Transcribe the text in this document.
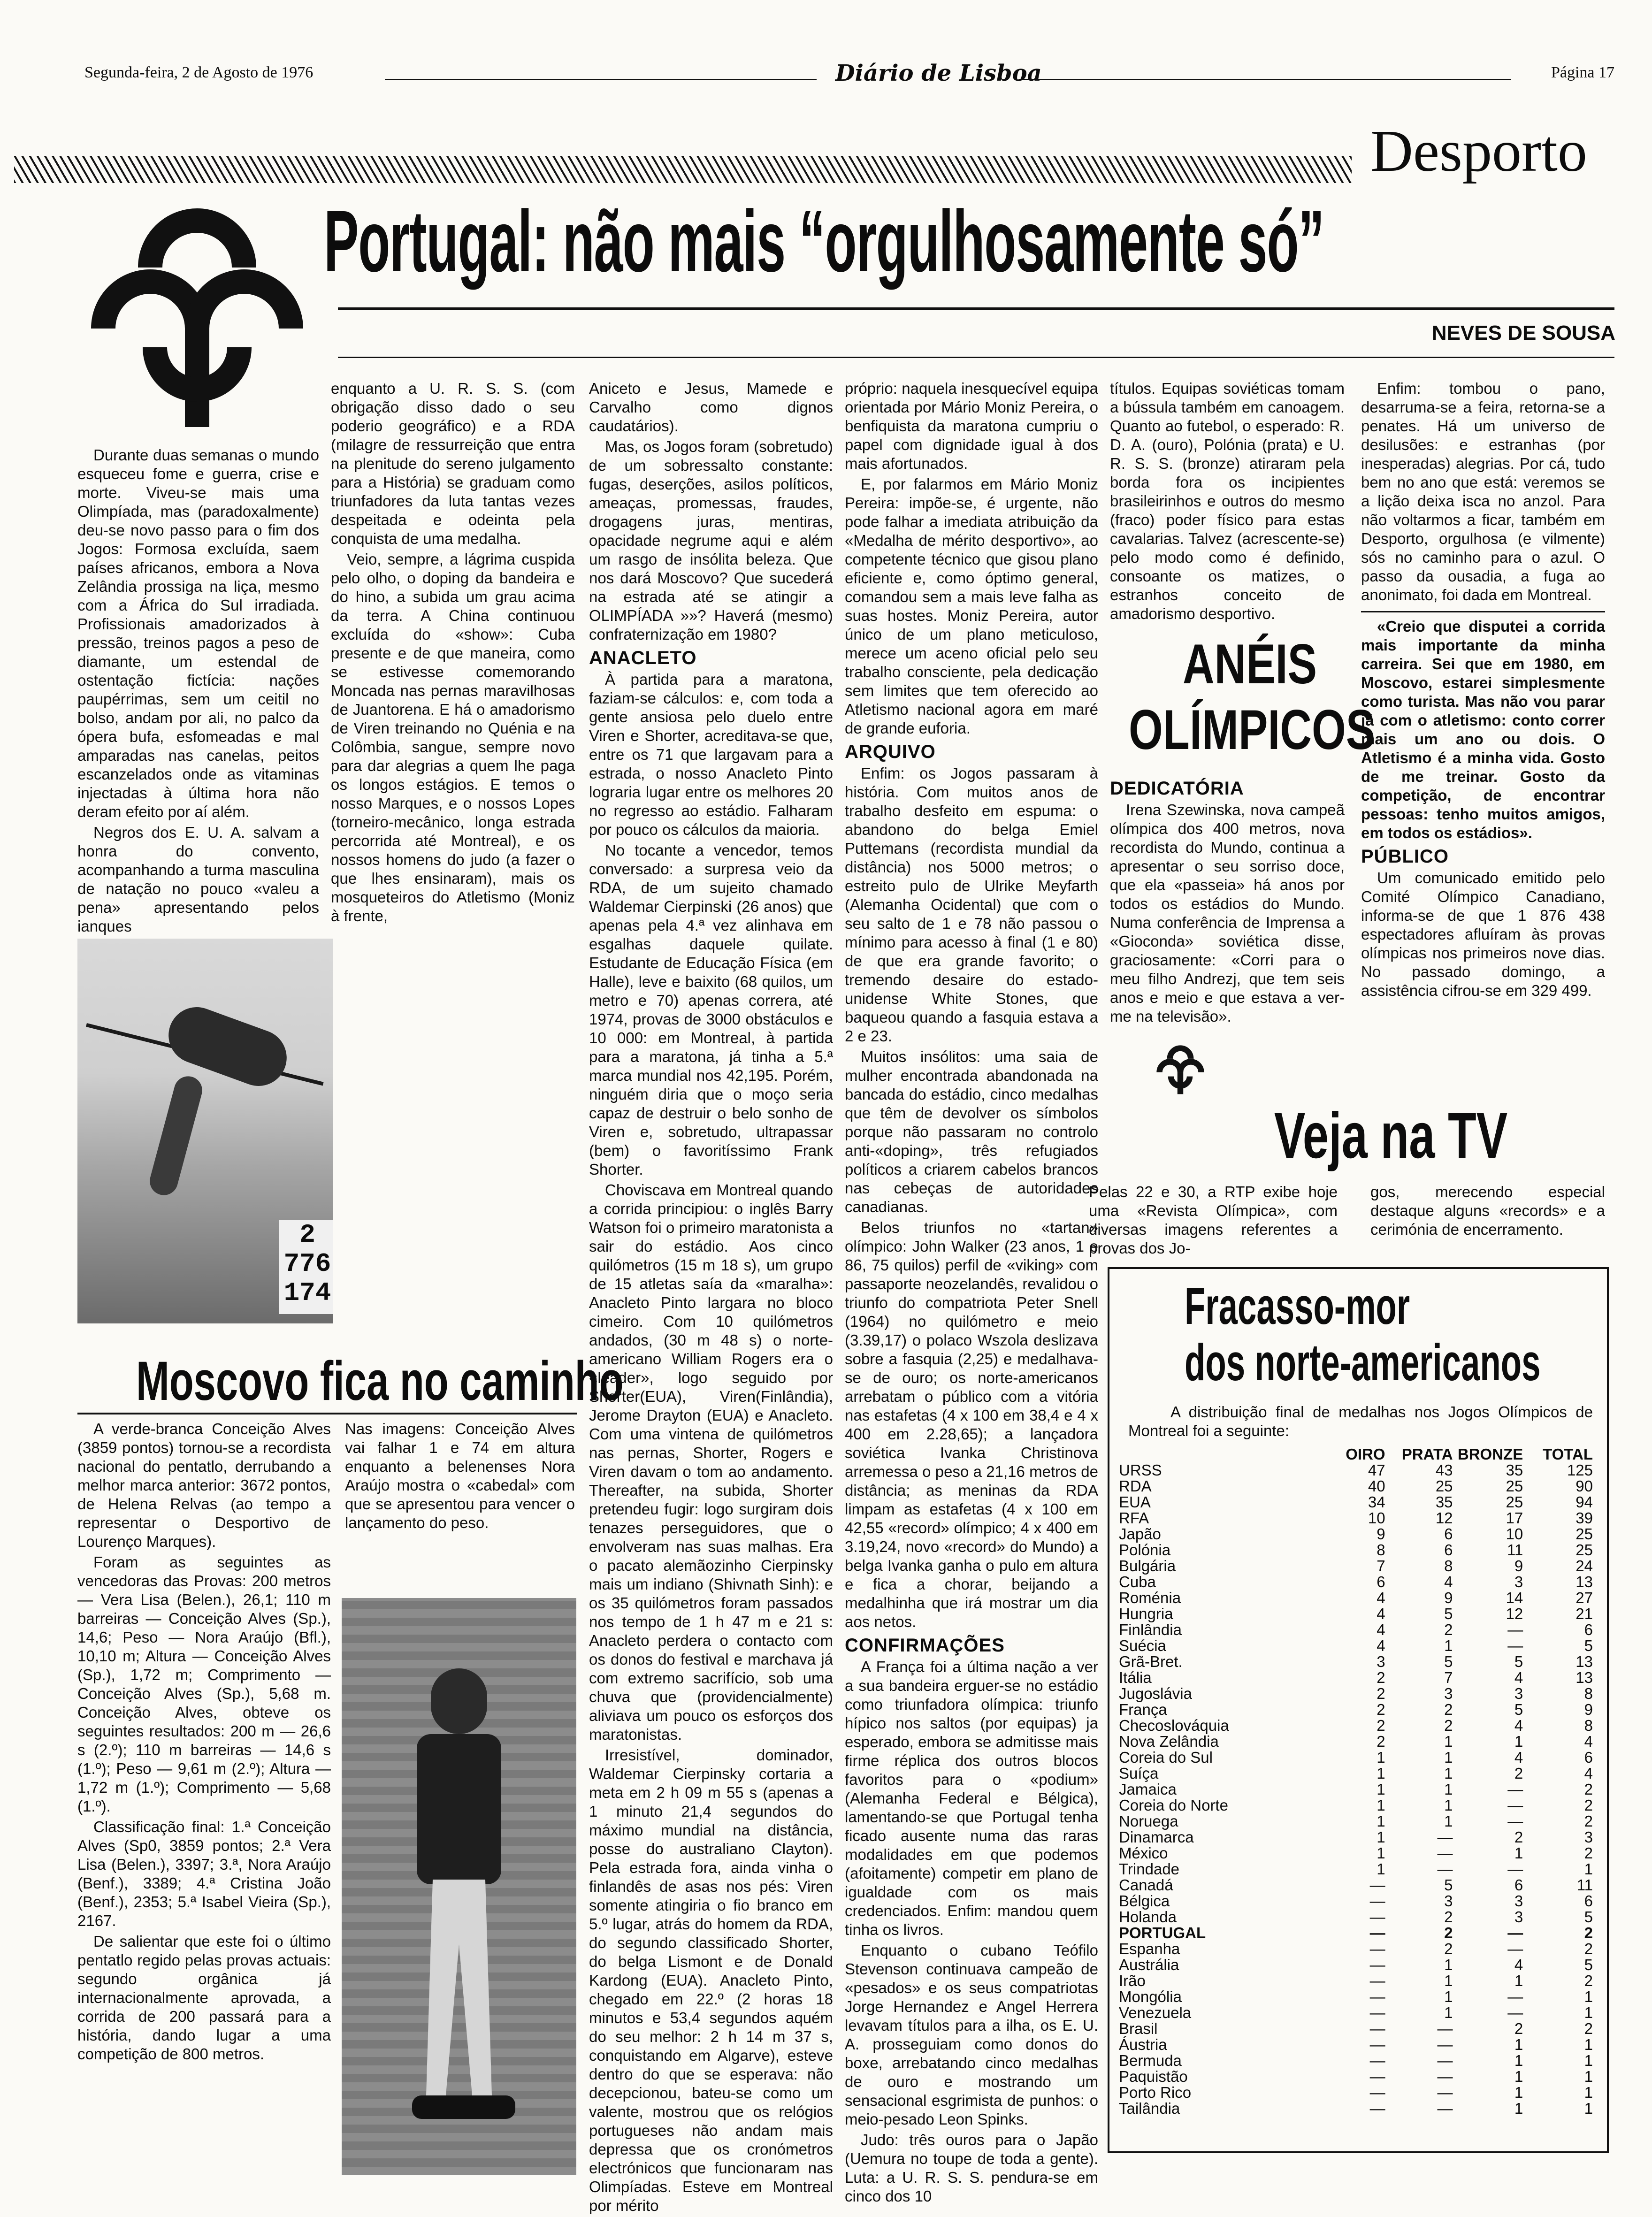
Segunda-feira, 2 de Agosto de 1976	Diário de Lisboa	Página 17
Desporto
Portugal: não mais “orgulhosamente só”
NEVES DE SOUSA

Durante duas semanas o mundo esqueceu fome e guerra, crise e morte. Viveu-se mais uma Olimpíada, mas (paradoxalmente) deu-se novo passo para o fim dos Jogos: Formosa excluída, saem países africanos, embora a Nova Zelândia prossiga na liça, mesmo com a África do Sul irradiada. Profissionais amadorizados à pressão, treinos pagos a peso de diamante, um estendal de ostentação fictícia: nações paupérrimas, sem um ceitil no bolso, andam por ali, no palco da ópera bufa, esfomeadas e mal amparadas nas canelas, peitos escanzelados onde as vitaminas injectadas à última hora não deram efeito por aí além.

Negros dos E. U. A. salvam a honra do convento, acompanhando a turma masculina de natação no pouco «valeu a pena» apresentando pelos ianques

enquanto a U. R. S. S. (com obrigação disso dado o seu poderio geográfico) e a RDA (milagre de ressurreição que entra na plenitude do sereno julgamento para a História) se graduam como triunfadores da luta tantas vezes despeitada e odeinta pela conquista de uma medalha.

Veio, sempre, a lágrima cuspida pelo olho, o doping da bandeira e do hino, a subida um grau acima da terra. A China continuou excluída do «show»: Cuba presente e de que maneira, como se estivesse comemorando Moncada nas pernas maravilhosas de Juantorena. E há o amadorismo de Viren treinando no Quénia e na Colômbia, sangue, sempre novo para dar alegrias a quem lhe paga os longos estágios. E temos o nosso Marques, e o nossos Lopes (torneiro-mecânico, longa estrada percorrida até Montreal), e os nossos homens do judo (a fazer o que lhes ensinaram), mais os mosqueteiros do Atletismo (Moniz à frente,

Aniceto e Jesus, Mamede e Carvalho como dignos caudatários).

Mas, os Jogos foram (sobretudo) de um sobressalto constante: fugas, deserções, asilos políticos, ameaças, promessas, fraudes, drogagens juras, mentiras, opacidade negrume aqui e além um rasgo de insólita beleza. Que nos dará Moscovo? Que sucederá na estrada até se atingir a OLIMPÍADA »»? Haverá (mesmo) confraternização em 1980?

ANACLETO

À partida para a maratona, faziam-se cálculos: e, com toda a gente ansiosa pelo duelo entre Viren e Shorter, acreditava-se que, entre os 71 que largavam para a estrada, o nosso Anacleto Pinto lograria lugar entre os melhores 20 no regresso ao estádio. Falharam por pouco os cálculos da maioria.

No tocante a vencedor, temos conversado: a surpresa veio da RDA, de um sujeito chamado Waldemar Cierpinski (26 anos) que apenas pela 4.ª vez alinhava em esgalhas daquele quilate. Estudante de Educação Física (em Halle), leve e baixito (68 quilos, um metro e 70) apenas correra, até 1974, provas de 3000 obstáculos e 10 000: em Montreal, à partida para a maratona, já tinha a 5.ª marca mundial nos 42,195. Porém, ninguém diria que o moço seria capaz de destruir o belo sonho de Viren e, sobretudo, ultrapassar (bem) o favoritíssimo Frank Shorter.

Choviscava em Montreal quando a corrida principiou: o inglês Barry Watson foi o primeiro maratonista a sair do estádio. Aos cinco quilómetros (15 m 18 s), um grupo de 15 atletas saía da «maralha»: Anacleto Pinto largara no bloco cimeiro. Com 10 quilómetros andados, (30 m 48 s) o norte-americano William Rogers era o «leader», logo seguido por Shorter(EUA), Viren(Finlândia), Jerome Drayton (EUA) e Anacleto. Com uma vintena de quilómetros nas pernas, Shorter, Rogers e Viren davam o tom ao andamento. Thereafter, na subida, Shorter pretendeu fugir: logo surgiram dois tenazes perseguidores, que o envolveram nas suas malhas. Era o pacato alemãozinho Cierpinsky mais um indiano (Shivnath Sinh): e os 35 quilómetros foram passados nos tempo de 1 h 47 m e 21 s: Anacleto perdera o contacto com os donos do festival e marchava já com extremo sacrifício, sob uma chuva que (providencialmente) aliviava um pouco os esforços dos maratonistas.

Irresistível, dominador, Waldemar Cierpinsky cortaria a meta em 2 h 09 m 55 s (apenas a 1 minuto 21,4 segundos do máximo mundial na distância, posse do australiano Clayton). Pela estrada fora, ainda vinha o finlandês de asas nos pés: Viren somente atingiria o fio branco em 5.º lugar, atrás do homem da RDA, do segundo classificado Shorter, do belga Lismont e de Donald Kardong (EUA). Anacleto Pinto, chegado em 22.º (2 horas 18 minutos e 53,4 segundos aquém do seu melhor: 2 h 14 m 37 s, conquistando em Algarve), esteve dentro do que se esperava: não decepcionou, bateu-se como um valente, mostrou que os relógios portugueses não andam mais depressa que os cronómetros electrónicos que funcionaram nas Olimpíadas. Esteve em Montreal por mérito

próprio: naquela inesquecível equipa orientada por Mário Moniz Pereira, o benfiquista da maratona cumpriu o papel com dignidade igual à dos mais afortunados.

E, por falarmos em Mário Moniz Pereira: impõe-se, é urgente, não pode falhar a imediata atribuição da «Medalha de mérito desportivo», ao competente técnico que gisou plano eficiente e, como óptimo general, comandou sem a mais leve falha as suas hostes. Moniz Pereira, autor único de um plano meticuloso, merece um aceno oficial pelo seu trabalho consciente, pela dedicação sem limites que tem oferecido ao Atletismo nacional agora em maré de grande euforia.

ARQUIVO

Enfim: os Jogos passaram à história. Com muitos anos de trabalho desfeito em espuma: o abandono do belga Emiel Puttemans (recordista mundial da distância) nos 5000 metros; o estreito pulo de Ulrike Meyfarth (Alemanha Ocidental) que com o seu salto de 1 e 78 não passou o mínimo para acesso à final (1 e 80) de que era grande favorito; o tremendo desaire do estado-unidense White Stones, que baqueou quando a fasquia estava a 2 e 23.

Muitos insólitos: uma saia de mulher encontrada abandonada na bancada do estádio, cinco medalhas que têm de devolver os símbolos porque não passaram no controlo anti-«doping», três refugiados políticos a criarem cabelos brancos nas cebeças de autoridades canadianas.

Belos triunfos no «tartan» olímpico: John Walker (23 anos, 1 e 86, 75 quilos) perfil de «viking» com passaporte neozelandês, revalidou o triunfo do compatriota Peter Snell (1964) no quilómetro e meio (3.39,17) o polaco Wszola deslizava sobre a fasquia (2,25) e medalhava-se de ouro; os norte-americanos arrebatam o público com a vitória nas estafetas (4 x 100 em 38,4 e 4 x 400 em 2.28,65); a lançadora soviética Ivanka Christinova arremessa o peso a 21,16 metros de distância; as meninas da RDA limpam as estafetas (4 x 100 em 42,55 «record» olímpico; 4 x 400 em 3.19,24, novo «record» do Mundo) a belga Ivanka ganha o pulo em altura e fica a chorar, beijando a medalhinha que irá mostrar um dia aos netos.

CONFIRMAÇÕES

A França foi a última nação a ver a sua bandeira erguer-se no estádio como triunfadora olímpica: triunfo hípico nos saltos (por equipas) ja esperado, embora se admitisse mais firme réplica dos outros blocos favoritos para o «podium» (Alemanha Federal e Bélgica), lamentando-se que Portugal tenha ficado ausente numa das raras modalidades em que podemos (afoitamente) competir em plano de igualdade com os mais credenciados. Enfim: mandou quem tinha os livros.

Enquanto o cubano Teófilo Stevenson continuava campeão de «pesados» e os seus compatriotas Jorge Hernandez e Angel Herrera levavam títulos para a ilha, os E. U. A. prosseguiam como donos do boxe, arrebatando cinco medalhas de ouro e mostrando um sensacional esgrimista de punhos: o meio-pesado Leon Spinks.

Judo: três ouros para o Japão (Uemura no toupe de toda a gente). Luta: a U. R. S. S. pendura-se em cinco dos 10

títulos. Equipas soviéticas tomam a bússula também em canoagem. Quanto ao futebol, o esperado: R. D. A. (ouro), Polónia (prata) e U. R. S. S. (bronze) atiraram pela borda fora os incipientes brasileirinhos e outros do mesmo (fraco) poder físico para estas cavalarias. Talvez (acrescente-se) pelo modo como é definido, consoante os matizes, o estranhos conceito de amadorismo desportivo.

Enfim: tombou o pano, desarruma-se a feira, retorna-se a penates. Há um universo de desilusões: e estranhas (por inesperadas) alegrias. Por cá, tudo bem no ano que está: veremos se a lição deixa isca no anzol. Para não voltarmos a ficar, também em Desporto, orgulhosa (e vilmente) sós no caminho para o azul. O passo da ousadia, a fuga ao anonimato, foi dada em Montreal.

«Creio que disputei a corrida mais importante da minha carreira. Sei que em 1980, em Moscovo, estarei simplesmente como turista. Mas não vou parar já com o atletismo: conto correr mais um ano ou dois. O Atletismo é a minha vida. Gosto de me treinar. Gosto da competição, de encontrar pessoas: tenho muitos amigos, em todos os estádios».

PÚBLICO

Um comunicado emitido pelo Comité Olímpico Canadiano, informa-se de que 1 876 438 espectadores afluíram às provas olímpicas nos primeiros nove dias. No passado domingo, a assistência cifrou-se em 329 499.

ANÉIS
OLÍMPICOS
DEDICATÓRIA

Irena Szewinska, nova campeã olímpica dos 400 metros, nova recordista do Mundo, continua a apresentar o seu sorriso doce, que ela «passeia» há anos por todos os estádios do Mundo. Numa conferência de Imprensa a «Gioconda» soviética disse, graciosamente: «Corri para o meu filho Andrezj, que tem seis anos e meio e que estava a ver-me na televisão».

Veja na TV
Pelas 22 e 30, a RTP exibe hoje uma «Revista Olímpica», com diversas imagens referentes a provas dos Jo-
gos, merecendo especial destaque alguns «records» e a cerimónia de encerramento.
Fracasso-mor
dos norte-americanos
A distribuição final de medalhas nos Jogos Olímpicos de Montreal foi a seguinte:
	OIRO	PRATA	BRONZE	TOTAL
URSS	47	43	35	125
RDA	40	25	25	90
EUA	34	35	25	94
RFA	10	12	17	39
Japão	9	6	10	25
Polónia	8	6	11	25
Bulgária	7	8	9	24
Cuba	6	4	3	13
Roménia	4	9	14	27
Hungria	4	5	12	21
Finlândia	4	2	—	6
Suécia	4	1	—	5
Grã-Bret.	3	5	5	13
Itália	2	7	4	13
Jugoslávia	2	3	3	8
França	2	2	5	9
Checoslováquia	2	2	4	8
Nova Zelândia	2	1	1	4
Coreia do Sul	1	1	4	6
Suíça	1	1	2	4
Jamaica	1	1	—	2
Coreia do Norte	1	1	—	2
Noruega	1	1	—	2
Dinamarca	1	—	2	3
México	1	—	1	2
Trindade	1	—	—	1
Canadá	—	5	6	11
Bélgica	—	3	3	6
Holanda	—	2	3	5
PORTUGAL	—	2	—	2
Espanha	—	2	—	2
Austrália	—	1	4	5
Irão	—	1	1	2
Mongólia	—	1	—	1
Venezuela	—	1	—	1
Brasil	—	—	2	2
Áustria	—	—	1	1
Bermuda	—	—	1	1
Paquistão	—	—	1	1
Porto Rico	—	—	1	1
Tailândia	—	—	1	1
2
776
174
Moscovo fica no caminho

A verde-branca Conceição Alves (3859 pontos) tornou-se a recordista nacional do pentatlo, derrubando a melhor marca anterior: 3672 pontos, de Helena Relvas (ao tempo a representar o Desportivo de Lourenço Marques).

Foram as seguintes as vencedoras das Provas: 200 metros — Vera Lisa (Belen.), 26,1; 110 m barreiras — Conceição Alves (Sp.), 14,6; Peso — Nora Araújo (Bfl.), 10,10 m; Altura — Conceição Alves (Sp.), 1,72 m; Comprimento — Conceição Alves (Sp.), 5,68 m. Conceição Alves, obteve os seguintes resultados: 200 m — 26,6 s (2.º); 110 m barreiras — 14,6 s (1.º); Peso — 9,61 m (2.º); Altura — 1,72 m (1.º); Comprimento — 5,68 (1.º).

Classificação final: 1.ª Conceição Alves (Sp0, 3859 pontos; 2.ª Vera Lisa (Belen.), 3397; 3.ª, Nora Araújo (Benf.), 3389; 4.ª Cristina João (Benf.), 2353; 5.ª Isabel Vieira (Sp.), 2167.

De salientar que este foi o último pentatlo regido pelas provas actuais: segundo orgânica já internacionalmente aprovada, a corrida de 200 passará para a história, dando lugar a uma competição de 800 metros.

Nas imagens: Conceição Alves vai falhar 1 e 74 em altura enquanto a belenenses Nora Araújo mostra o «cabedal» com que se apresentou para vencer o lançamento do peso.
